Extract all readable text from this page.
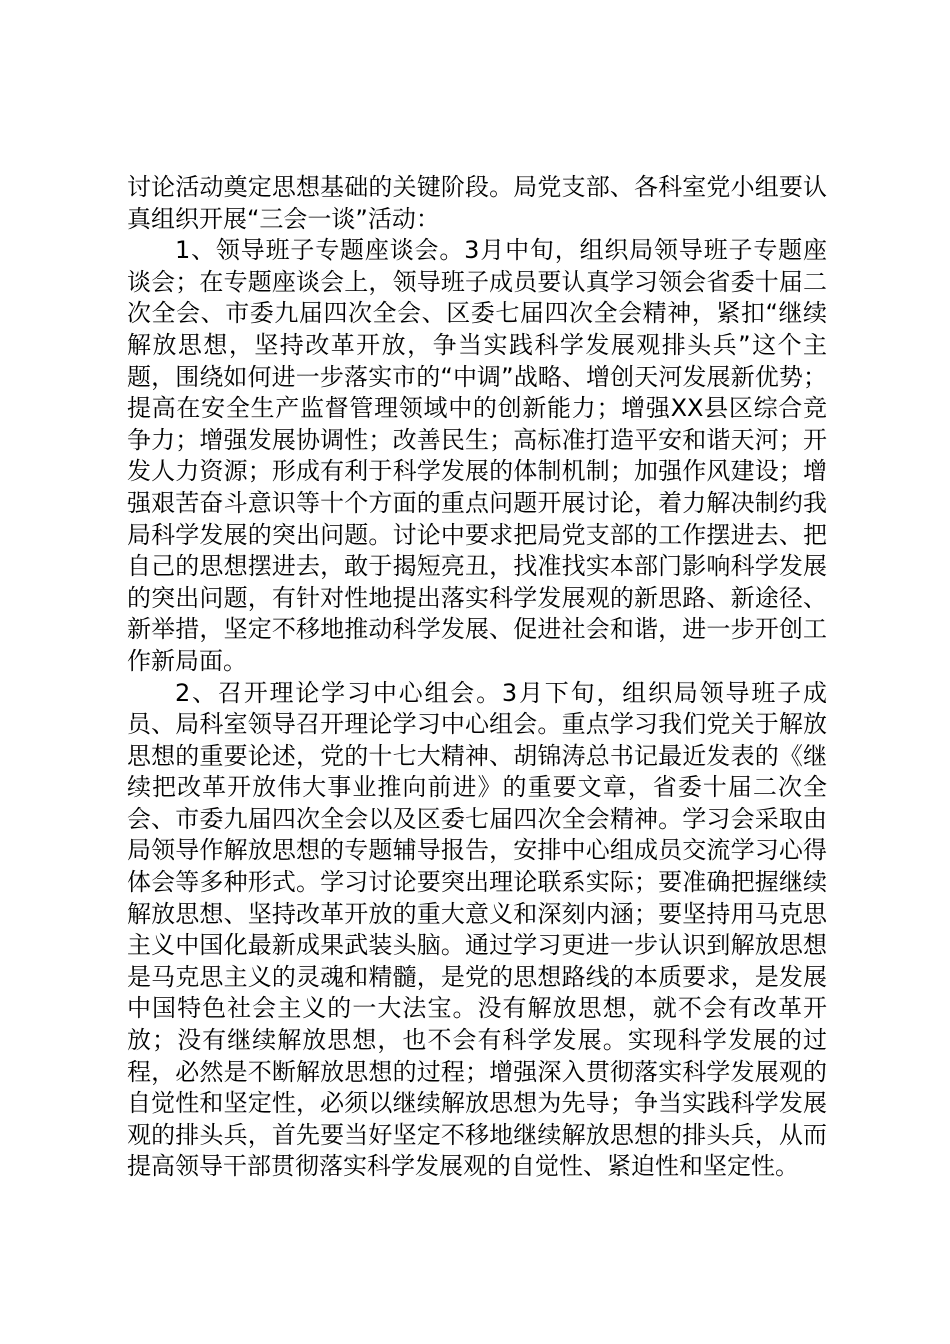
讨论活动奠定思想基础的关键阶段。局党支部、各科室党小组要认真组织开展“三会一谈”活动：

1、领导班子专题座谈会。3月中旬，组织局领导班子专题座谈会；在专题座谈会上，领导班子成员要认真学习领会省委十届二次全会、市委九届四次全会、区委七届四次全会精神，紧扣“继续解放思想，坚持改革开放，争当实践科学发展观排头兵”这个主题，围绕如何进一步落实市的“中调”战略、增创天河发展新优势；提高在安全生产监督管理领域中的创新能力；增强XX县区综合竞争力；增强发展协调性；改善民生；高标准打造平安和谐天河；开发人力资源；形成有利于科学发展的体制机制；加强作风建设；增强艰苦奋斗意识等十个方面的重点问题开展讨论，着力解决制约我局科学发展的突出问题。讨论中要求把局党支部的工作摆进去、把自己的思想摆进去，敢于揭短亮丑，找准找实本部门影响科学发展的突出问题，有针对性地提出落实科学发展观的新思路、新途径、新举措，坚定不移地推动科学发展、促进社会和谐，进一步开创工作新局面。

2、召开理论学习中心组会。3月下旬，组织局领导班子成员、局科室领导召开理论学习中心组会。重点学习我们党关于解放思想的重要论述，党的十七大精神、胡锦涛总书记最近发表的《继续把改革开放伟大事业推向前进》的重要文章，省委十届二次全会、市委九届四次全会以及区委七届四次全会精神。学习会采取由局领导作解放思想的专题辅导报告，安排中心组成员交流学习心得体会等多种形式。学习讨论要突出理论联系实际；要准确把握继续解放思想、坚持改革开放的重大意义和深刻内涵；要坚持用马克思主义中国化最新成果武装头脑。通过学习更进一步认识到解放思想是马克思主义的灵魂和精髓，是党的思想路线的本质要求，是发展中国特色社会主义的一大法宝。没有解放思想，就不会有改革开放；没有继续解放思想，也不会有科学发展。实现科学发展的过程，必然是不断解放思想的过程；增强深入贯彻落实科学发展观的自觉性和坚定性，必须以继续解放思想为先导；争当实践科学发展观的排头兵，首先要当好坚定不移地继续解放思想的排头兵，从而提高领导干部贯彻落实科学发展观的自觉性、紧迫性和坚定性。
